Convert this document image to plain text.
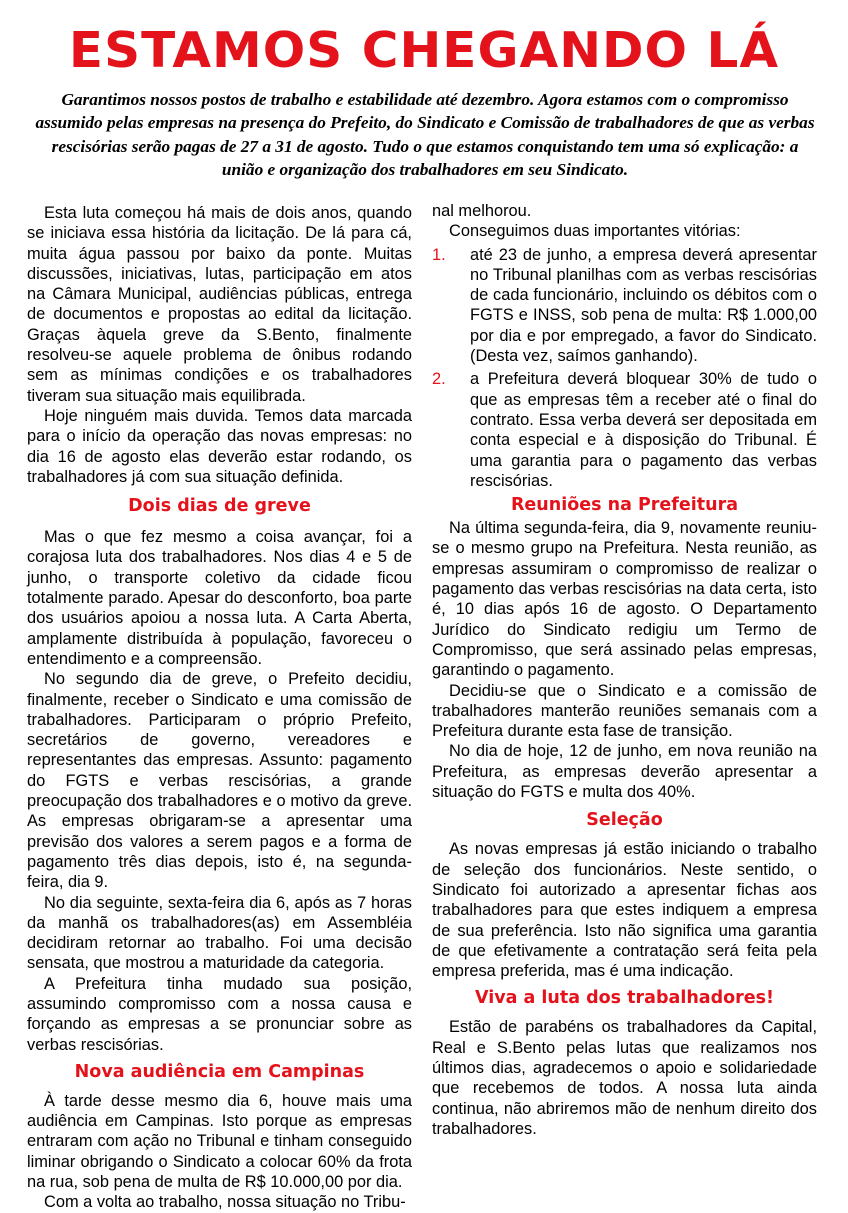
ESTAMOS CHEGANDO LÁ
Garantimos nossos postos de trabalho e estabilidade até dezembro. Agora estamos com o compromisso assumido pelas empresas na presença do Prefeito, do Sindicato e Comissão de trabalhadores de que as verbas rescisórias serão pagas de 27 a 31 de agosto. Tudo o que estamos conquistando tem uma só explicação: a união e organização dos trabalhadores em seu Sindicato.

Esta luta começou há mais de dois anos, quando se iniciava essa história da licitação. De lá para cá, muita água passou por baixo da ponte. Muitas discussões, iniciativas, lutas, participação em atos na Câmara Municipal, audiências públicas, entrega de documentos e propostas ao edital da licitação. Graças àquela greve da S.Bento, finalmente resolveu-se aquele problema de ônibus rodando sem as mínimas condições e os trabalhadores tiveram sua situação mais equilibrada.

Hoje ninguém mais duvida. Temos data marcada para o início da operação das novas empresas: no dia 16 de agosto elas deverão estar rodando, os trabalhadores já com sua situação definida.

Dois dias de greve

Mas o que fez mesmo a coisa avançar, foi a corajosa luta dos trabalhadores. Nos dias 4 e 5 de junho, o transporte coletivo da cidade ficou totalmente parado. Apesar do desconforto, boa parte dos usuários apoiou a nossa luta. A Carta Aberta, amplamente distribuída à população, favoreceu o entendimento e a compreensão.

No segundo dia de greve, o Prefeito decidiu, finalmente, receber o Sindicato e uma comissão de trabalhadores. Participaram o próprio Prefeito, secretários de governo, vereadores e representantes das empresas. Assunto: pagamento do FGTS e verbas rescisórias, a grande preocupação dos trabalhadores e o motivo da greve. As empresas obrigaram-se a apresentar uma previsão dos valores a serem pagos e a forma de pagamento três dias depois, isto é, na segunda-feira, dia 9.

No dia seguinte, sexta-feira dia 6, após as 7 horas da manhã os trabalhadores(as) em Assembléia decidiram retornar ao trabalho. Foi uma decisão sensata, que mostrou a maturidade da categoria.

A Prefeitura tinha mudado sua posição, assumindo compromisso com a nossa causa e forçando as empresas a se pronunciar sobre as verbas rescisórias.

Nova audiência em Campinas

À tarde desse mesmo dia 6, houve mais uma audiência em Campinas. Isto porque as empresas entraram com ação no Tribunal e tinham conseguido liminar obrigando o Sindicato a colocar 60% da frota na rua, sob pena de multa de R$ 10.000,00 por dia.

Com a volta ao trabalho, nossa situação no Tribu-

nal melhorou.

Conseguimos duas importantes vitórias:

1. até 23 de junho, a empresa deverá apresentar no Tribunal planilhas com as verbas rescisórias de cada funcionário, incluindo os débitos com o FGTS e INSS, sob pena de multa: R$ 1.000,00 por dia e por empregado, a favor do Sindicato. (Desta vez, saímos ganhando).
2. a Prefeitura deverá bloquear 30% de tudo o que as empresas têm a receber até o final do contrato. Essa verba deverá ser depositada em conta especial e à disposição do Tribunal. É uma garantia para o pagamento das verbas rescisórias.
Reuniões na Prefeitura

Na última segunda-feira, dia 9, novamente reuniu-se o mesmo grupo na Prefeitura. Nesta reunião, as empresas assumiram o compromisso de realizar o pagamento das verbas rescisórias na data certa, isto é, 10 dias após 16 de agosto. O Departamento Jurídico do Sindicato redigiu um Termo de Compromisso, que será assinado pelas empresas, garantindo o pagamento.

Decidiu-se que o Sindicato e a comissão de trabalhadores manterão reuniões semanais com a Prefeitura durante esta fase de transição.

No dia de hoje, 12 de junho, em nova reunião na Prefeitura, as empresas deverão apresentar a situação do FGTS e multa dos 40%.

Seleção

As novas empresas já estão iniciando o trabalho de seleção dos funcionários. Neste sentido, o Sindicato foi autorizado a apresentar fichas aos trabalhadores para que estes indiquem a empresa de sua preferência. Isto não significa uma garantia de que efetivamente a contratação será feita pela empresa preferida, mas é uma indicação.

Viva a luta dos trabalhadores!

Estão de parabéns os trabalhadores da Capital, Real e S.Bento pelas lutas que realizamos nos últimos dias, agradecemos o apoio e solidariedade que recebemos de todos. A nossa luta ainda continua, não abriremos mão de nenhum direito dos trabalhadores.
